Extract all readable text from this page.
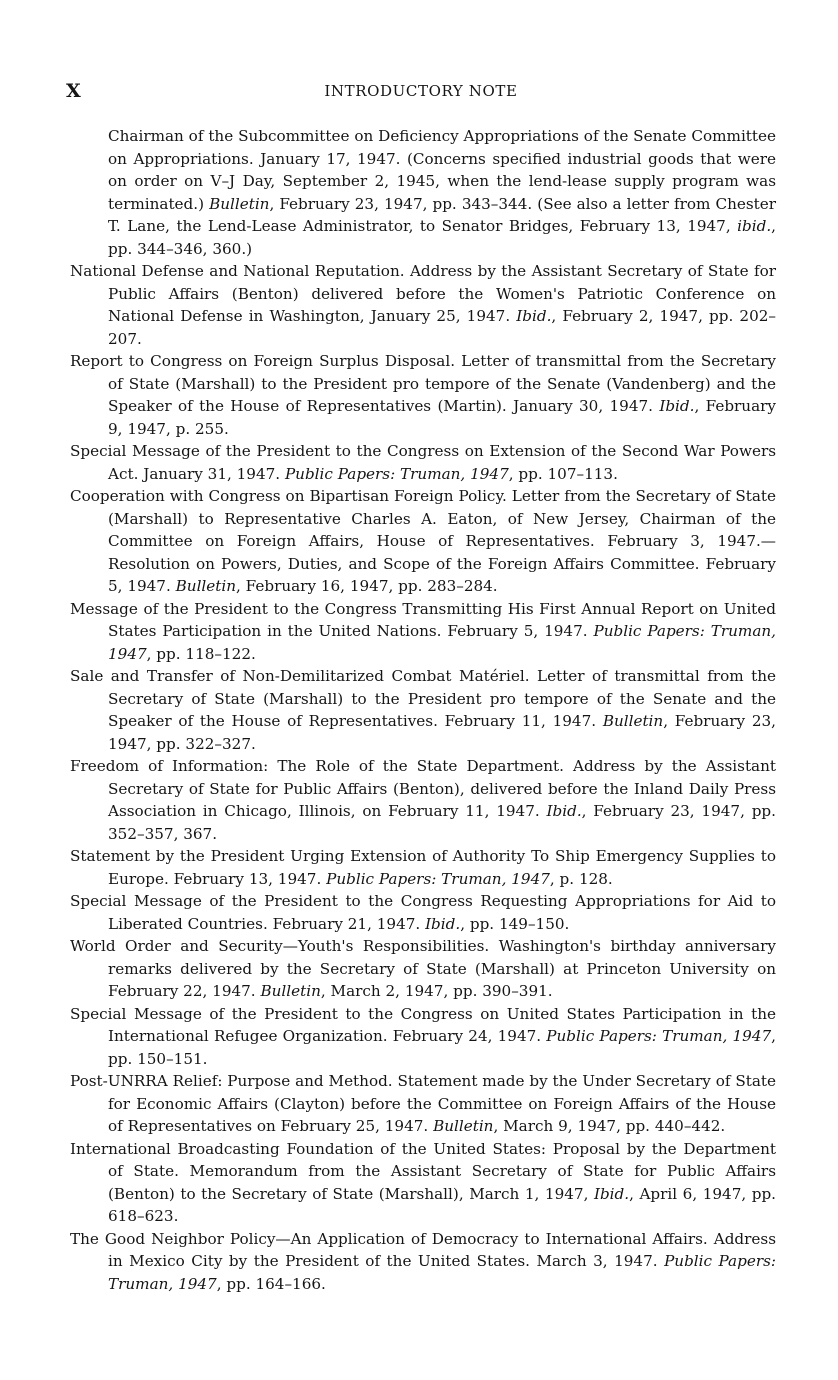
X	INTRODUCTORY NOTE

Chairman of the Subcommittee on Deficiency Appropriations of the Senate Committee on Appropriations. January 17, 1947. (Concerns specified industrial goods that were on order on V–J Day, September 2, 1945, when the lend-lease supply program was terminated.) Bulletin, February 23, 1947, pp. 343–344. (See also a letter from Chester T. Lane, the Lend-Lease Administrator, to Senator Bridges, February 13, 1947, ibid., pp. 344–346, 360.)

National Defense and National Reputation. Address by the Assistant Secretary of State for Public Affairs (Benton) delivered before the Women's Patriotic Conference on National Defense in Washington, January 25, 1947. Ibid., February 2, 1947, pp. 202–207.

Report to Congress on Foreign Surplus Disposal. Letter of transmittal from the Secretary of State (Marshall) to the President pro tempore of the Senate (Vandenberg) and the Speaker of the House of Representatives (Martin). January 30, 1947. Ibid., February 9, 1947, p. 255.

Special Message of the President to the Congress on Extension of the Second War Powers Act. January 31, 1947. Public Papers: Truman, 1947, pp. 107–113.

Cooperation with Congress on Bipartisan Foreign Policy. Letter from the Secretary of State (Marshall) to Representative Charles A. Eaton, of New Jersey, Chairman of the Committee on Foreign Affairs, House of Representatives. February 3, 1947.—Resolution on Powers, Duties, and Scope of the Foreign Affairs Committee. February 5, 1947. Bulletin, February 16, 1947, pp. 283–284.

Message of the President to the Congress Transmitting His First Annual Report on United States Participation in the United Nations. February 5, 1947. Public Papers: Truman, 1947, pp. 118–122.

Sale and Transfer of Non-Demilitarized Combat Matériel. Letter of transmittal from the Secretary of State (Marshall) to the President pro tempore of the Senate and the Speaker of the House of Representatives. February 11, 1947. Bulletin, February 23, 1947, pp. 322–327.

Freedom of Information: The Role of the State Department. Address by the Assistant Secretary of State for Public Affairs (Benton), delivered before the Inland Daily Press Association in Chicago, Illinois, on February 11, 1947. Ibid., February 23, 1947, pp. 352–357, 367.

Statement by the President Urging Extension of Authority To Ship Emergency Supplies to Europe. February 13, 1947. Public Papers: Truman, 1947, p. 128.

Special Message of the President to the Congress Requesting Appropriations for Aid to Liberated Countries. February 21, 1947. Ibid., pp. 149–150.

World Order and Security—Youth's Responsibilities. Washington's birthday anniversary remarks delivered by the Secretary of State (Marshall) at Princeton University on February 22, 1947. Bulletin, March 2, 1947, pp. 390–391.

Special Message of the President to the Congress on United States Participation in the International Refugee Organization. February 24, 1947. Public Papers: Truman, 1947, pp. 150–151.

Post-UNRRA Relief: Purpose and Method. Statement made by the Under Secretary of State for Economic Affairs (Clayton) before the Committee on Foreign Affairs of the House of Representatives on February 25, 1947. Bulletin, March 9, 1947, pp. 440–442.

International Broadcasting Foundation of the United States: Proposal by the Department of State. Memorandum from the Assistant Secretary of State for Public Affairs (Benton) to the Secretary of State (Marshall), March 1, 1947, Ibid., April 6, 1947, pp. 618–623.

The Good Neighbor Policy—An Application of Democracy to International Affairs. Address in Mexico City by the President of the United States. March 3, 1947. Public Papers: Truman, 1947, pp. 164–166.
